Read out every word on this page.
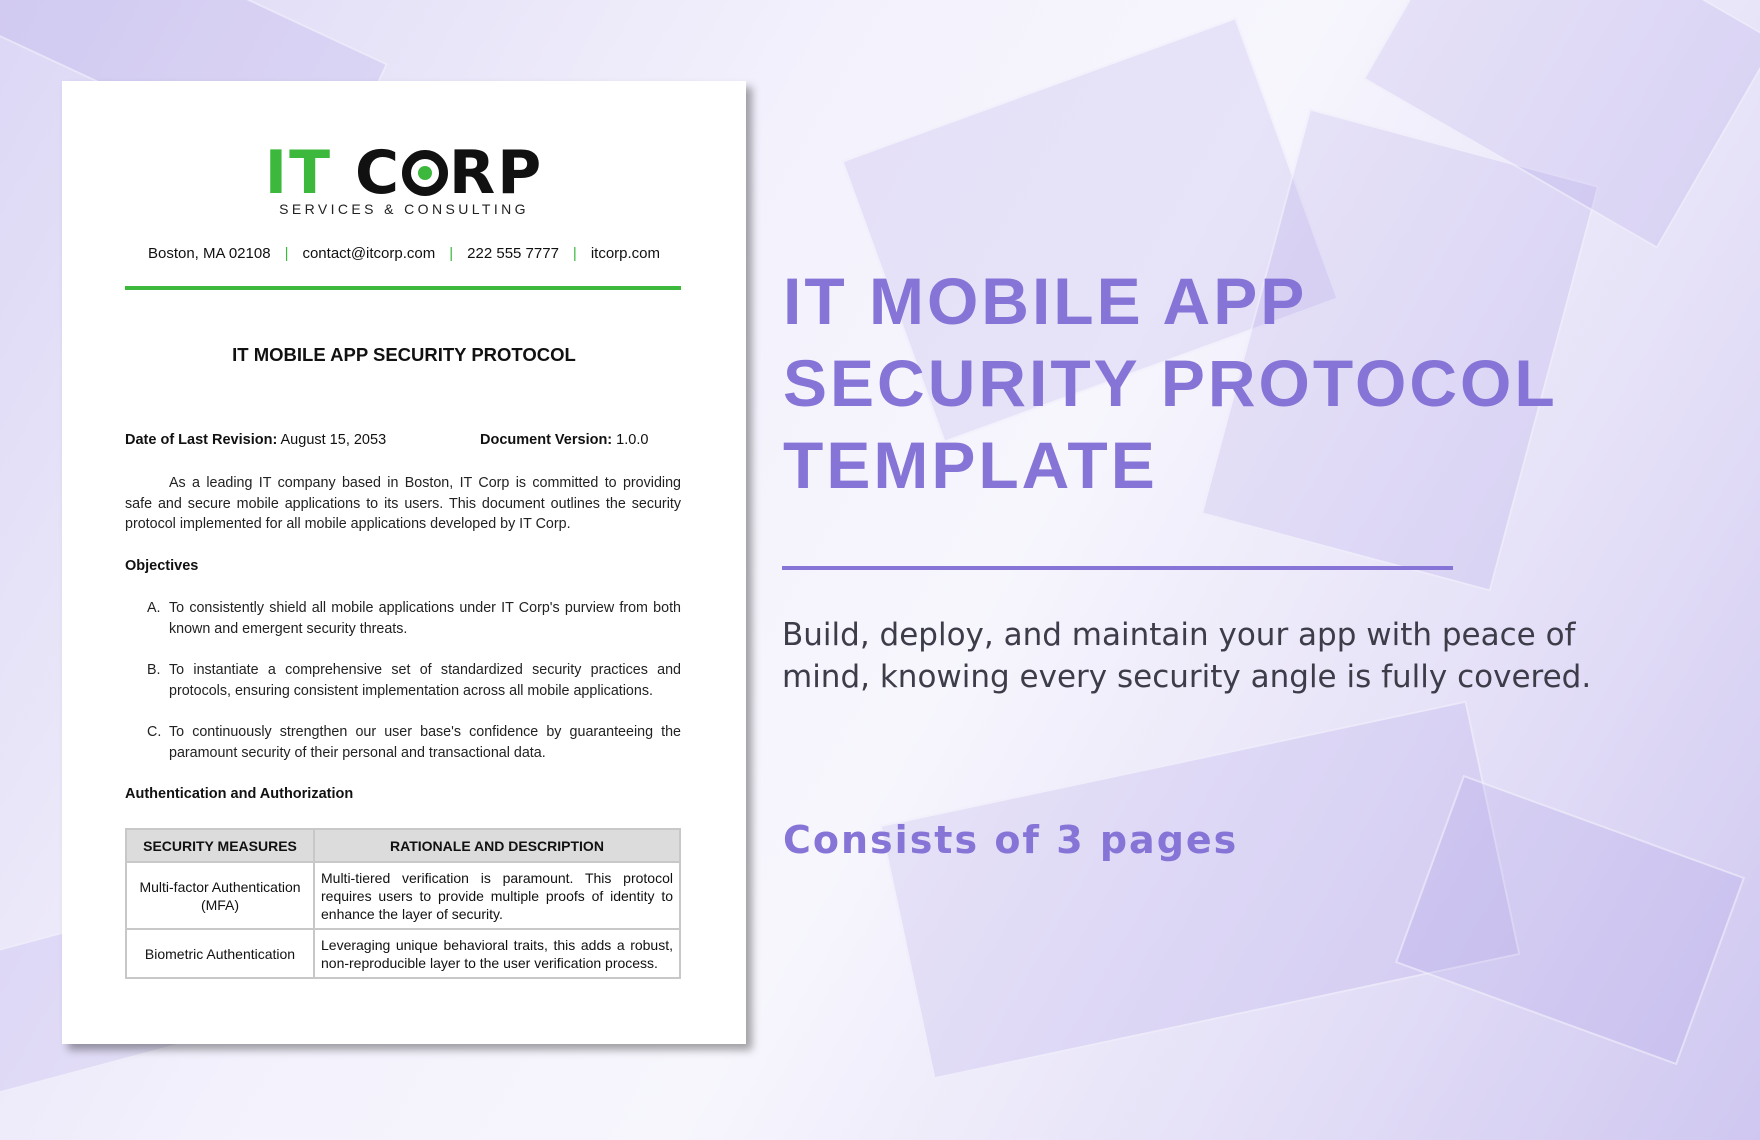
IT C RP
SERVICES & CONSULTING
Boston, MA 02108 | contact@itcorp.com | 222 555 7777 | itcorp.com
IT MOBILE APP SECURITY PROTOCOL
Date of Last Revision: August 15, 2053	Document Version: 1.0.0
As a leading IT company based in Boston, IT Corp is committed to providing safe and secure mobile applications to its users. This document outlines the security protocol implemented for all mobile applications developed by IT Corp.
Objectives
A. To consistently shield all mobile applications under IT Corp's purview from both known and emergent security threats.
B. To instantiate a comprehensive set of standardized security practices and protocols, ensuring consistent implementation across all mobile applications.
C. To continuously strengthen our user base's confidence by guaranteeing the paramount security of their personal and transactional data.
Authentication and Authorization
SECURITY MEASURES	RATIONALE AND DESCRIPTION
Multi-factor Authentication (MFA)	Multi-tiered verification is paramount. This protocol requires users to provide multiple proofs of identity to enhance the layer of security.
Biometric Authentication	Leveraging unique behavioral traits, this adds a robust, non-reproducible layer to the user verification process.
IT MOBILE APP
SECURITY PROTOCOL
TEMPLATE
Build, deploy, and maintain your app with peace of mind, knowing every security angle is fully covered.
Consists of 3 pages
